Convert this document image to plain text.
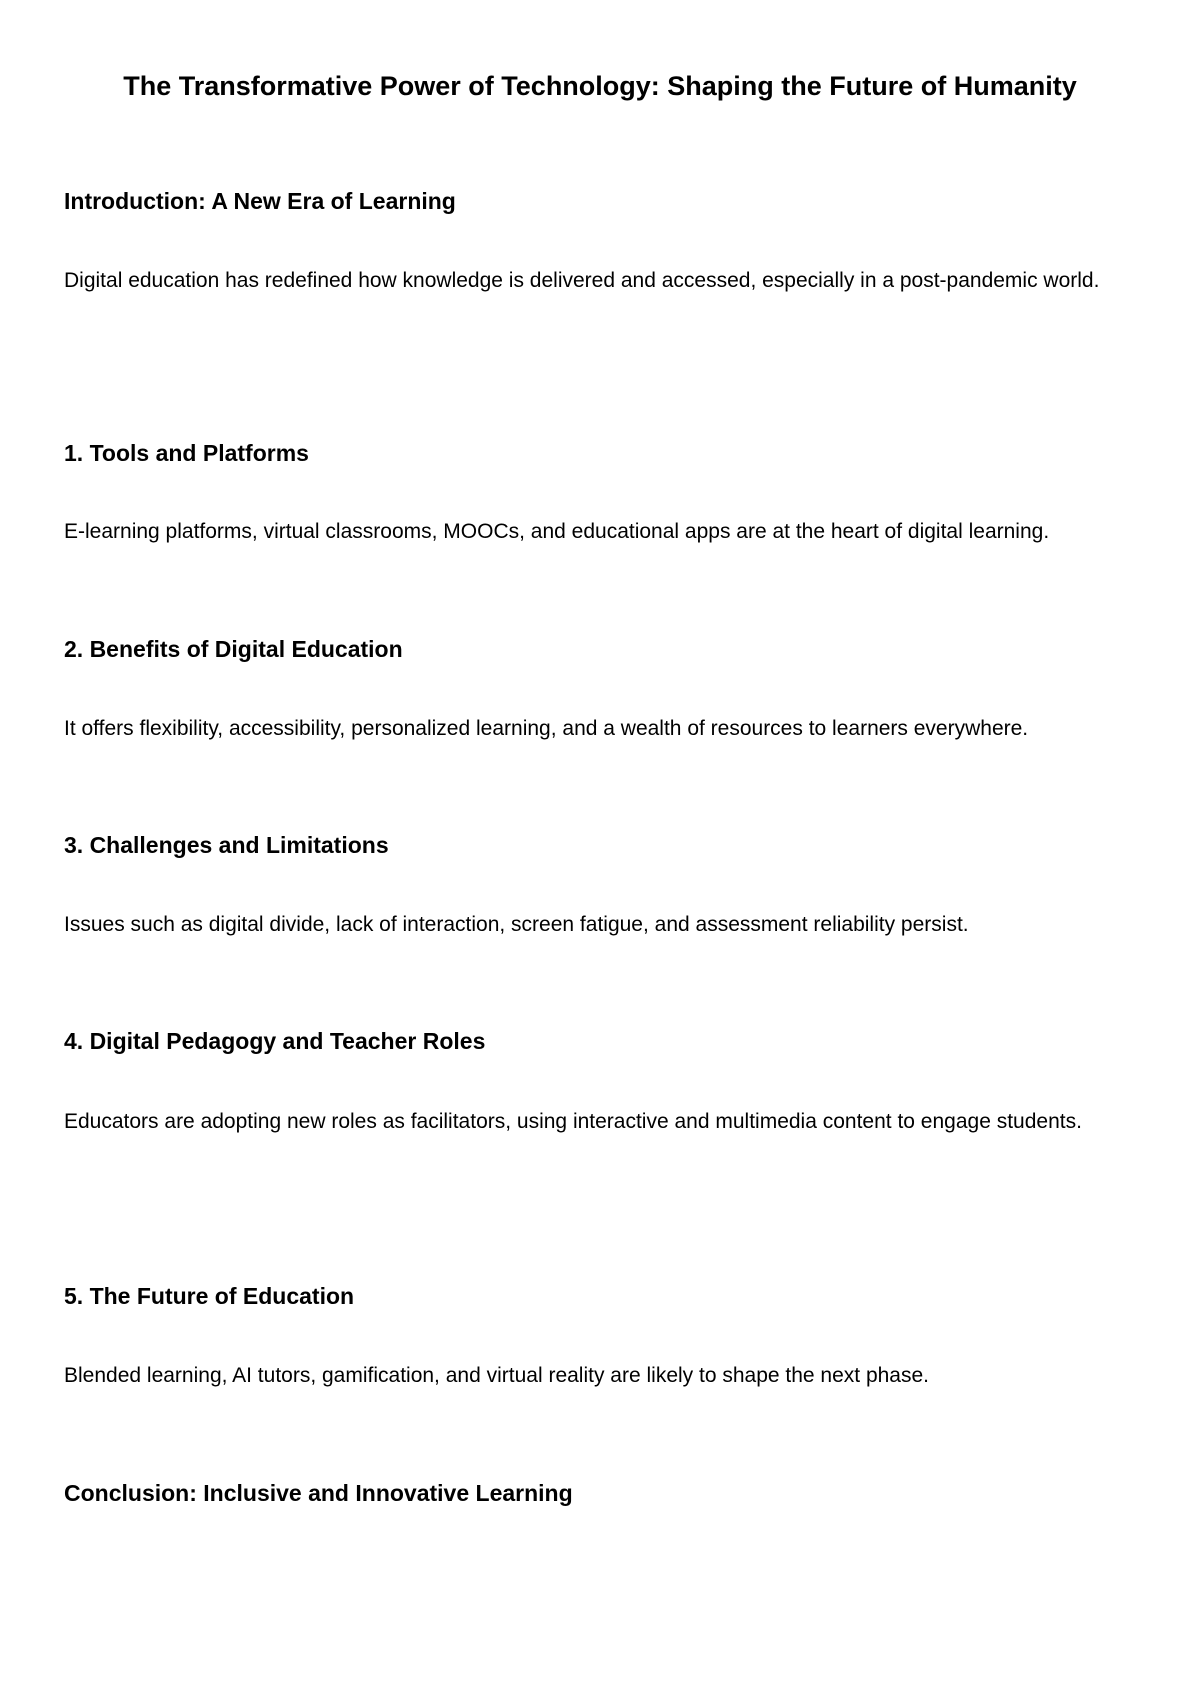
The Transformative Power of Technology: Shaping the Future of Humanity
Introduction: A New Era of Learning

Digital education has redefined how knowledge is delivered and accessed, especially in a post-pandemic world.

1. Tools and Platforms

E-learning platforms, virtual classrooms, MOOCs, and educational apps are at the heart of digital learning.

2. Benefits of Digital Education

It offers flexibility, accessibility, personalized learning, and a wealth of resources to learners everywhere.

3. Challenges and Limitations

Issues such as digital divide, lack of interaction, screen fatigue, and assessment reliability persist.

4. Digital Pedagogy and Teacher Roles

Educators are adopting new roles as facilitators, using interactive and multimedia content to engage students.

5. The Future of Education

Blended learning, AI tutors, gamification, and virtual reality are likely to shape the next phase.

Conclusion: Inclusive and Innovative Learning
